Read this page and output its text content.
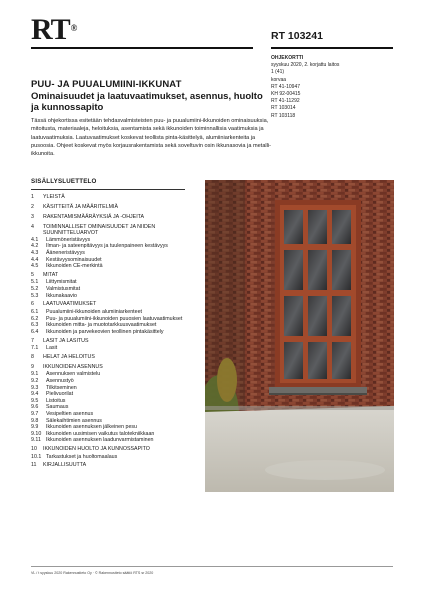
RT®
RT 103241
OHJEKORTTI
syyskuu 2020, 2. korjattu laitos
1 (41)
korvaa
RT 41-10947
KH 92-00415
RT 41-11292
RT 103014
RT 103118
PUU- JA PUUALUMIINI-IKKUNAT
Ominaisuudet ja laatuvaatimukset, asennus, huolto ja kunnossapito
Tässä ohjekortissa esitetään tehdasvalmisteisten puu- ja puualumiini-ikkunoiden ominaisuuksia, mitoitusta, materiaaleja, heloituksia, asentamista sekä ikkunoiden toiminnallisia vaatimuksia ja laatuvaatimuksia. Laatuvaatimukset koskevat teollista pinta-käsittelyä, alumiiniarkenteita ja pusoosia. Ohjeet koskevat myös korjausrakentamista sekä soveltuvin osin ikkunasovia ja metalli-ikkunoita.
SISÄLLYSLUETTELO
1	YLEISTÄ
2	KÄSITTEITÄ JA MÄÄRITELMIÄ
3	RAKENTAMISMÄÄRÄYKSIÄ JA -OHJEITA
4	TOIMINNALLISET OMINAISUUDET JA NIIDEN
SUUNNITTELUARVOT
4.1	Lämmöneristävyys
4.2	Ilman- ja sateenpitävyys ja tuulenpaineen kestävyys
4.3	Ääneneristävyys
4.4	Kestävyysominaisuudet
4.5	Ikkunoiden CE-merkintä
5	MITAT
5.1	Liittymismitat
5.2	Valmistusmitat
5.3	Ikkunakaavio
6	LAATUVAATIMUKSET
6.1	Puualumiini-ikkunoiden alumiiniarkenteet
6.2	Puu- ja puualumiini-ikkunoiden puuosien laatuvaatimukset
6.3	Ikkunoiden mitta- ja muototarkkuusvaatimukset
6.4	Ikkunoiden ja parvekeovien teollinen pintakäsittely
7	LASIT JA LASITUS
7.1	Lasit
8	HELAT JA HELOITUS
9	IKKUNOIDEN ASENNUS
9.1	Asennuksen valmistelu
9.2	Asennustyö
9.3	Tilkitseminen
9.4	Pielivuorilat
9.5	Listoitus
9.6	Saumaus
9.7	Vesipeltien asennus
9.8	Sälekaihtimien asennus
9.9	Ikkunoiden asennuksen jälkeinen pesu
9.10 Ikkunoiden uusimisen vaikutus talotekniikkaan
9.11 Ikkunoiden asennuksen laadunvarmistaminen
10	IKKUNOIDEN HUOLTO JA KUNNOSSAPITO
10.1 Tarkastukset ja huoltomaalaus
11	KIRJALLISUUTTA
VL / t syyskuu 2020 Rakennustieto Oy · © Rakennustieto säätiö RTS sr 2020
